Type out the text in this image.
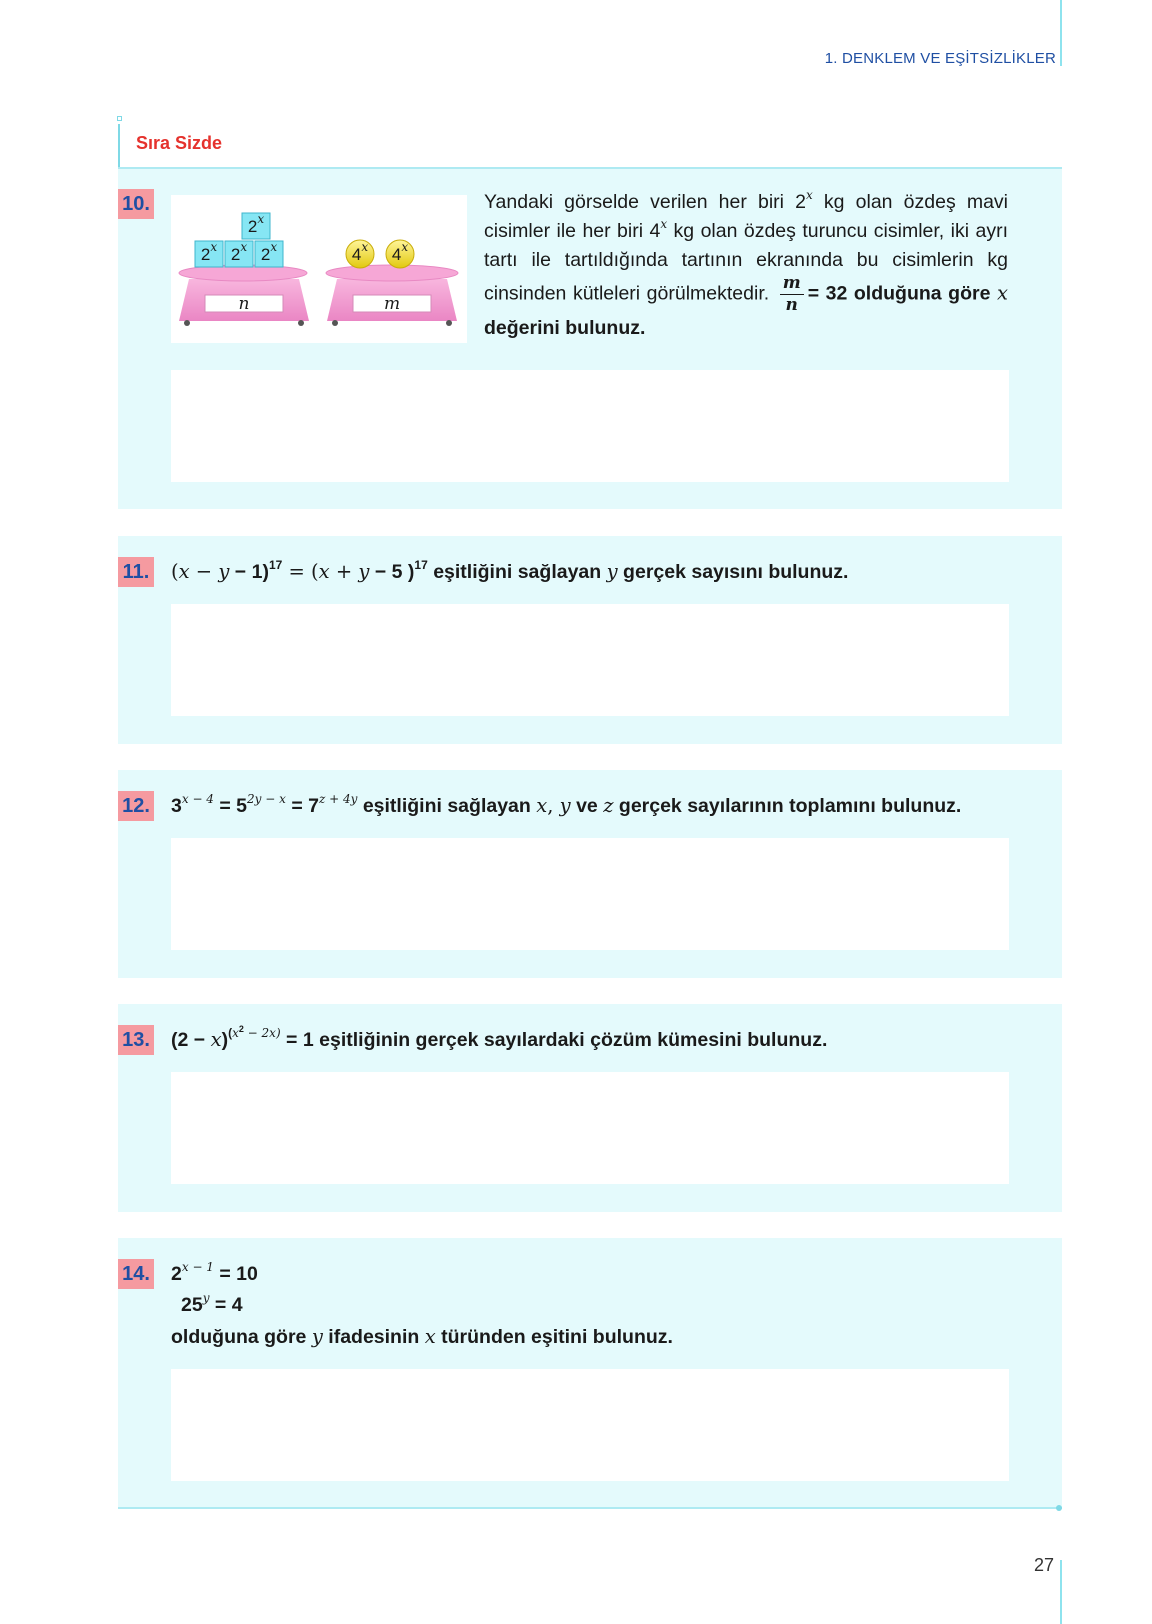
1. DENKLEM VE EŞİTSİZLİKLER
Sıra Sizde
10.
2$^x$ 2$^x$ 2$^x$
2$^x$
4$^x$	4$^x$
n	m
Yandaki görselde verilen her biri 2$^x$ kg olan özdeş mavi cisimler ile her biri 4$^x$ kg olan özdeş turuncu cisimler, iki ayrı tartı ile tartıldığında tartının ekranında bu cisimlerin kg cinsinden kütleleri görülmektedir. $\frac{m}{n} = 32$ olduğuna göre x değerini bulunuz.
11. $(x - y - 1)^{17} = (x + y - 5$ )$^{17}$ eşitliğini sağlayan y gerçek sayısını bulunuz.
12. $3^{x - 4} = 5^{2y - x} = 7^{z + 4y}$ eşitliğini sağlayan x, y ve z gerçek sayılarının toplamını bulunuz.
13. $(2 - x)^{(x^2 - 2x)} = 1$ eşitliğinin gerçek sayılardaki çözüm kümesini bulunuz.
14. $2^{x - 1} = 10$
$25^y = 4$
olduğuna göre y ifadesinin x türünden eşitini bulunuz.
27
